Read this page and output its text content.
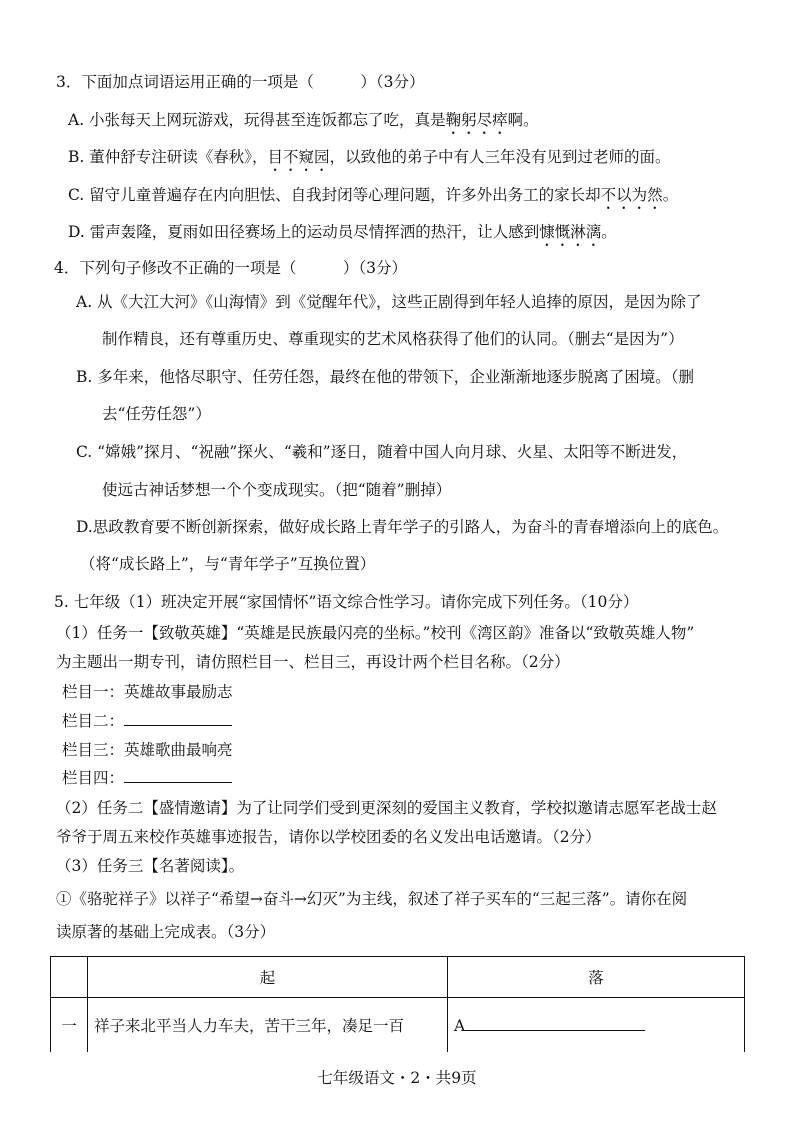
3．下面加点词语运用正确的一项是（　　　）（3分）
A. 小张每天上网玩游戏，玩得甚至连饭都忘了吃，真是鞠躬尽瘁啊。
B. 董仲舒专注研读《春秋》，目不窥园，以致他的弟子中有人三年没有见到过老师的面。
C. 留守儿童普遍存在内向胆怯、自我封闭等心理问题，许多外出务工的家长却不以为然。
D. 雷声轰隆，夏雨如田径赛场上的运动员尽情挥洒的热汗，让人感到慷慨淋漓。
4．下列句子修改不正确的一项是（　　　）（3分）
A. 从《大江大河》《山海情》到《觉醒年代》，这些正剧得到年轻人追捧的原因，是因为除了
制作精良，还有尊重历史、尊重现实的艺术风格获得了他们的认同。（删去“是因为”）
B. 多年来，他恪尽职守、任劳任怨，最终在他的带领下，企业渐渐地逐步脱离了困境。（删
去“任劳任怨”）
C. “嫦娥”探月、“祝融”探火、“羲和”逐日，随着中国人向月球、火星、太阳等不断进发，
使远古神话梦想一个个变成现实。（把“随着”删掉）
D.思政教育要不断创新探索，做好成长路上青年学子的引路人，为奋斗的青春增添向上的底色。
（将“成长路上”，与“青年学子”互换位置）
5. 七年级（1）班决定开展“家国情怀”语文综合性学习。请你完成下列任务。（10分）
（1）任务一【致敬英雄】“英雄是民族最闪亮的坐标。”校刊《湾区韵》准备以“致敬英雄人物”
为主题出一期专刊，请仿照栏目一、栏目三，再设计两个栏目名称。（2分）
栏目一：英雄故事最励志
栏目二：
栏目三：英雄歌曲最响亮
栏目四：
（2）任务二【盛情邀请】为了让同学们受到更深刻的爱国主义教育，学校拟邀请志愿军老战士赵
爷爷于周五来校作英雄事迹报告，请你以学校团委的名义发出电话邀请。（2分）
（3）任务三【名著阅读】。
①《骆驼祥子》以祥子“希望→奋斗→幻灭”为主线，叙述了祥子买车的“三起三落”。请你在阅
读原著的基础上完成表。（3分）
	起	落
一	祥子来北平当人力车夫，苦干三年，凑足一百	A
七年级语文・2・共9页
